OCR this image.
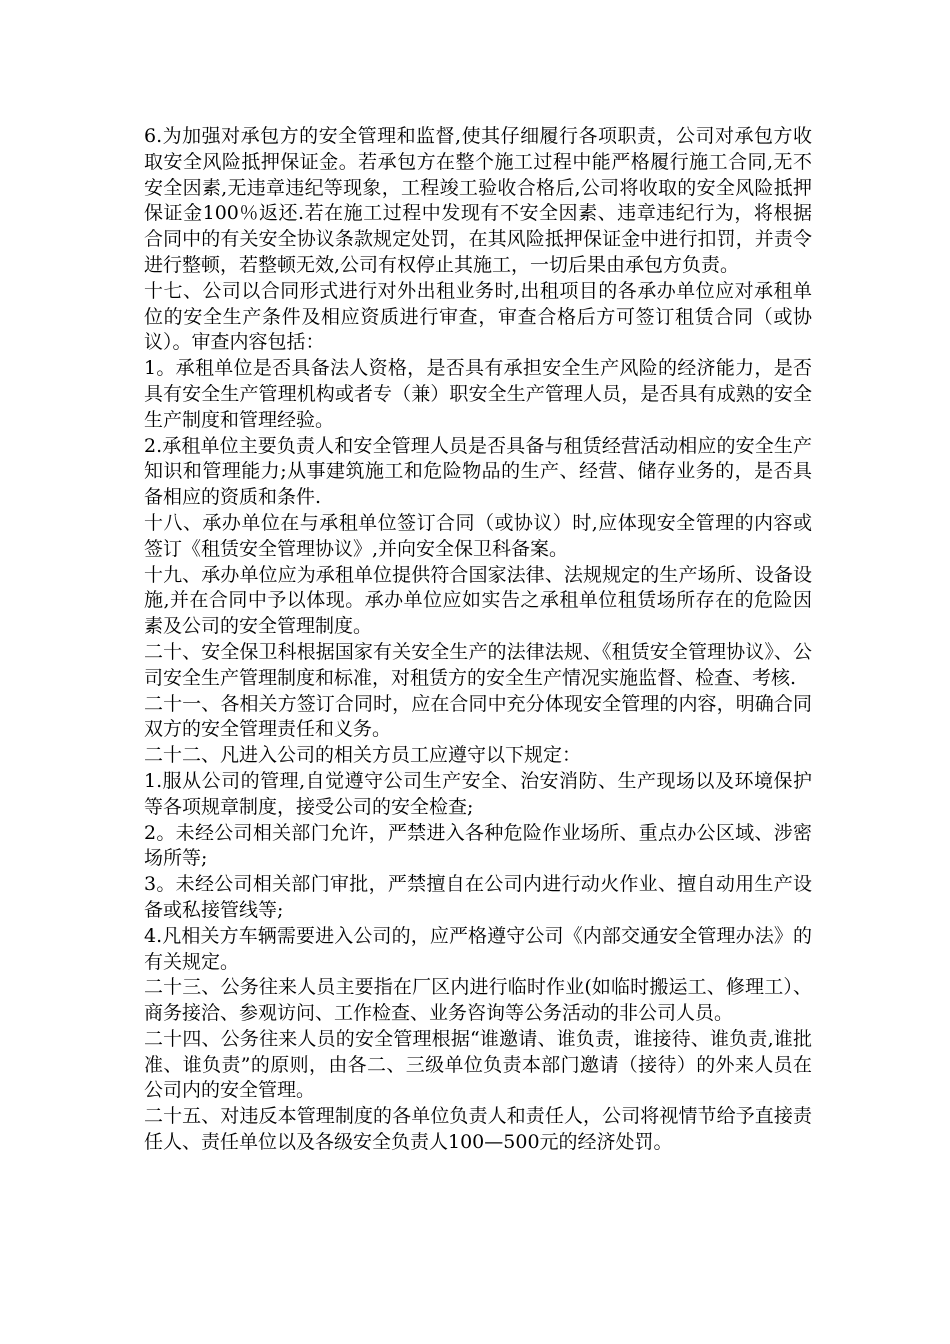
6.为加强对承包方的安全管理和监督,使其仔细履行各项职责，公司对承包方收取安全风险抵押保证金。若承包方在整个施工过程中能严格履行施工合同,无不安全因素,无违章违纪等现象，工程竣工验收合格后,公司将收取的安全风险抵押保证金100％返还.若在施工过程中发现有不安全因素、违章违纪行为，将根据合同中的有关安全协议条款规定处罚，在其风险抵押保证金中进行扣罚，并责令进行整顿，若整顿无效,公司有权停止其施工，一切后果由承包方负责。

十七、公司以合同形式进行对外出租业务时,出租项目的各承办单位应对承租单位的安全生产条件及相应资质进行审查，审查合格后方可签订租赁合同（或协议）。审查内容包括：

1。承租单位是否具备法人资格，是否具有承担安全生产风险的经济能力，是否具有安全生产管理机构或者专（兼）职安全生产管理人员，是否具有成熟的安全生产制度和管理经验。

2.承租单位主要负责人和安全管理人员是否具备与租赁经营活动相应的安全生产知识和管理能力;从事建筑施工和危险物品的生产、经营、储存业务的，是否具备相应的资质和条件.

十八、承办单位在与承租单位签订合同（或协议）时,应体现安全管理的内容或签订《租赁安全管理协议》,并向安全保卫科备案。

十九、承办单位应为承租单位提供符合国家法律、法规规定的生产场所、设备设施,并在合同中予以体现。承办单位应如实告之承租单位租赁场所存在的危险因素及公司的安全管理制度。

二十、安全保卫科根据国家有关安全生产的法律法规、《租赁安全管理协议》、公司安全生产管理制度和标准，对租赁方的安全生产情况实施监督、检查、考核.

二十一、各相关方签订合同时，应在合同中充分体现安全管理的内容，明确合同双方的安全管理责任和义务。

二十二、凡进入公司的相关方员工应遵守以下规定：

1.服从公司的管理,自觉遵守公司生产安全、治安消防、生产现场以及环境保护等各项规章制度，接受公司的安全检查;

2。未经公司相关部门允许，严禁进入各种危险作业场所、重点办公区域、涉密场所等;

3。未经公司相关部门审批，严禁擅自在公司内进行动火作业、擅自动用生产设备或私接管线等;

4.凡相关方车辆需要进入公司的，应严格遵守公司《内部交通安全管理办法》的有关规定。

二十三、公务往来人员主要指在厂区内进行临时作业(如临时搬运工、修理工）、商务接洽、参观访问、工作检查、业务咨询等公务活动的非公司人员。

二十四、公务往来人员的安全管理根据“谁邀请、谁负责，谁接待、谁负责,谁批准、谁负责”的原则，由各二、三级单位负责本部门邀请（接待）的外来人员在公司内的安全管理。

二十五、对违反本管理制度的各单位负责人和责任人，公司将视情节给予直接责任人、责任单位以及各级安全负责人100—500元的经济处罚。
